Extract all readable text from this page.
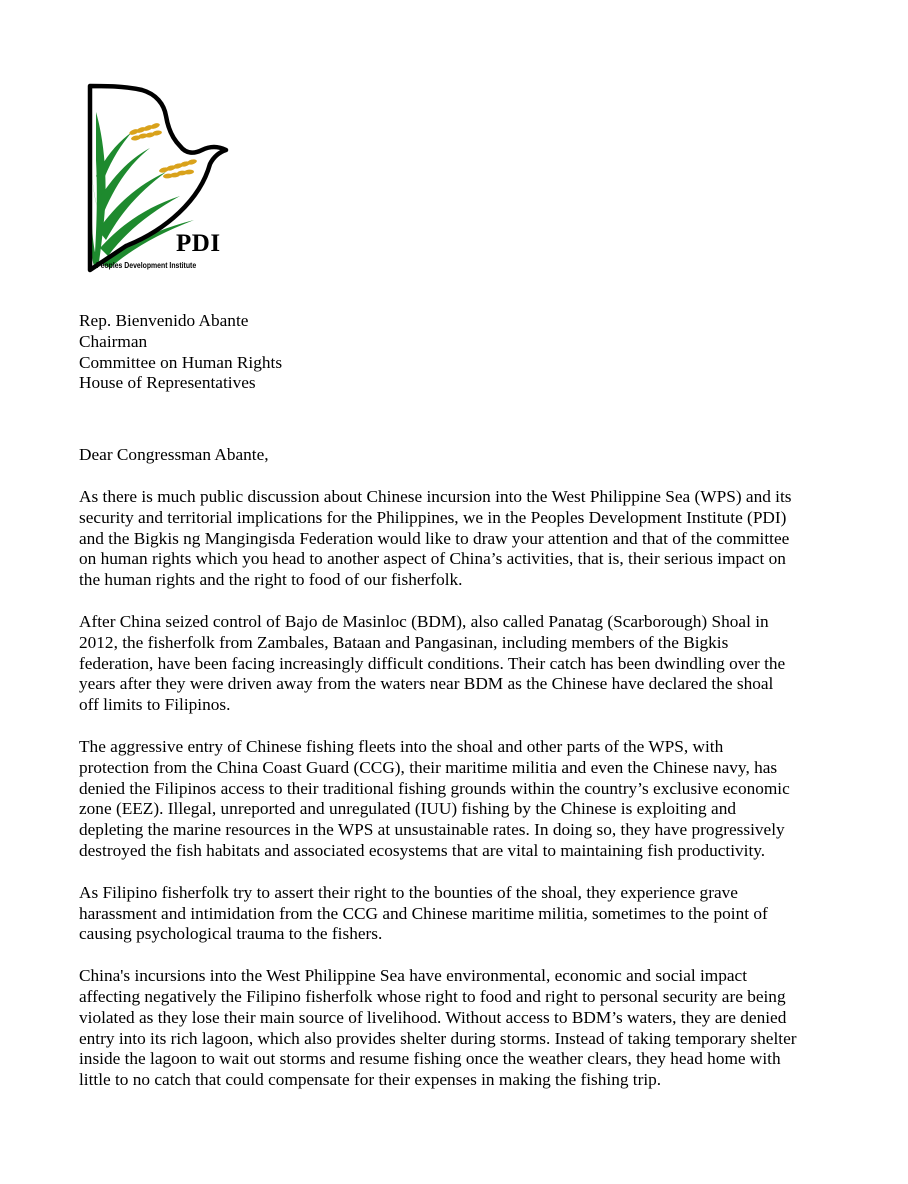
PDI
Peoples Development Institute

Rep. Bienvenido Abante

Chairman

Committee on Human Rights

House of Representatives

Dear Congressman Abante,

As there is much public discussion about Chinese incursion into the West Philippine Sea (WPS) and its
security and territorial implications for the Philippines, we in the Peoples Development Institute (PDI)
and the Bigkis ng Mangingisda Federation would like to draw your attention and that of the committee
on human rights which you head to another aspect of China’s activities, that is, their serious impact on
the human rights and the right to food of our fisherfolk.

After China seized control of Bajo de Masinloc (BDM), also called Panatag (Scarborough) Shoal in
2012, the fisherfolk from Zambales, Bataan and Pangasinan, including members of the Bigkis
federation, have been facing increasingly difficult conditions. Their catch has been dwindling over the
years after they were driven away from the waters near BDM as the Chinese have declared the shoal
off limits to Filipinos.

The aggressive entry of Chinese fishing fleets into the shoal and other parts of the WPS, with
protection from the China Coast Guard (CCG), their maritime militia and even the Chinese navy, has
denied the Filipinos access to their traditional fishing grounds within the country’s exclusive economic
zone (EEZ). Illegal, unreported and unregulated (IUU) fishing by the Chinese is exploiting and
depleting the marine resources in the WPS at unsustainable rates. In doing so, they have progressively
destroyed the fish habitats and associated ecosystems that are vital to maintaining fish productivity.

As Filipino fisherfolk try to assert their right to the bounties of the shoal, they experience grave
harassment and intimidation from the CCG and Chinese maritime militia, sometimes to the point of
causing psychological trauma to the fishers.

China's incursions into the West Philippine Sea have environmental, economic and social impact
affecting negatively the Filipino fisherfolk whose right to food and right to personal security are being
violated as they lose their main source of livelihood. Without access to BDM’s waters, they are denied
entry into its rich lagoon, which also provides shelter during storms. Instead of taking temporary shelter
inside the lagoon to wait out storms and resume fishing once the weather clears, they head home with
little to no catch that could compensate for their expenses in making the fishing trip.
